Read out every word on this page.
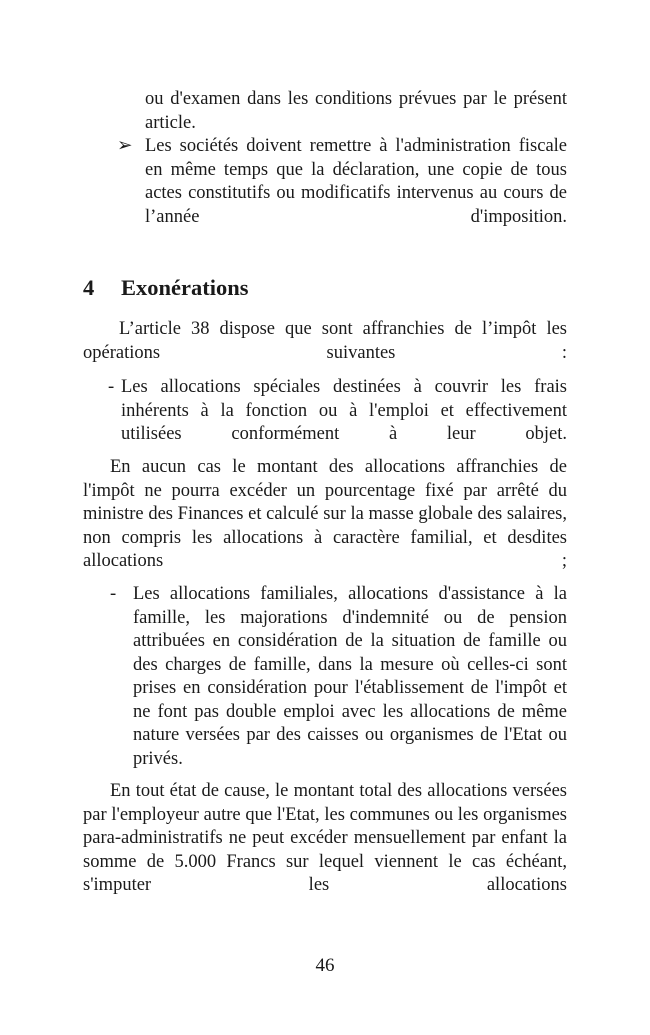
ou d'examen dans les conditions prévues par le présent article.

➢ Les sociétés doivent remettre à l'administration fiscale en même temps que la déclaration, une copie de tous actes constitutifs ou modificatifs intervenus au cours de l’année d'imposition.

4 Exonérations

L’article 38 dispose que sont affranchies de l’impôt les opérations suivantes :

- Les allocations spéciales destinées à couvrir les frais inhérents à la fonction ou à l'emploi et effectivement utilisées conformément à leur objet.

En aucun cas le montant des allocations affranchies de l'impôt ne pourra excéder un pourcentage fixé par arrêté du ministre des Finances et calculé sur la masse globale des salaires, non compris les allocations à caractère familial, et desdites allocations ;

- Les allocations familiales, allocations d'assistance à la famille, les majorations d'indemnité ou de pension attribuées en considération de la situation de famille ou des charges de famille, dans la mesure où celles-ci sont prises en considération pour l'établissement de l'impôt et ne font pas double emploi avec les allocations de même nature versées par des caisses ou organismes de l'Etat ou privés.

En tout état de cause, le montant total des allocations versées par l'employeur autre que l'Etat, les communes ou les organismes para-administratifs ne peut excéder mensuellement par enfant la somme de 5.000 Francs sur lequel viennent le cas échéant, s'imputer les allocations

46
